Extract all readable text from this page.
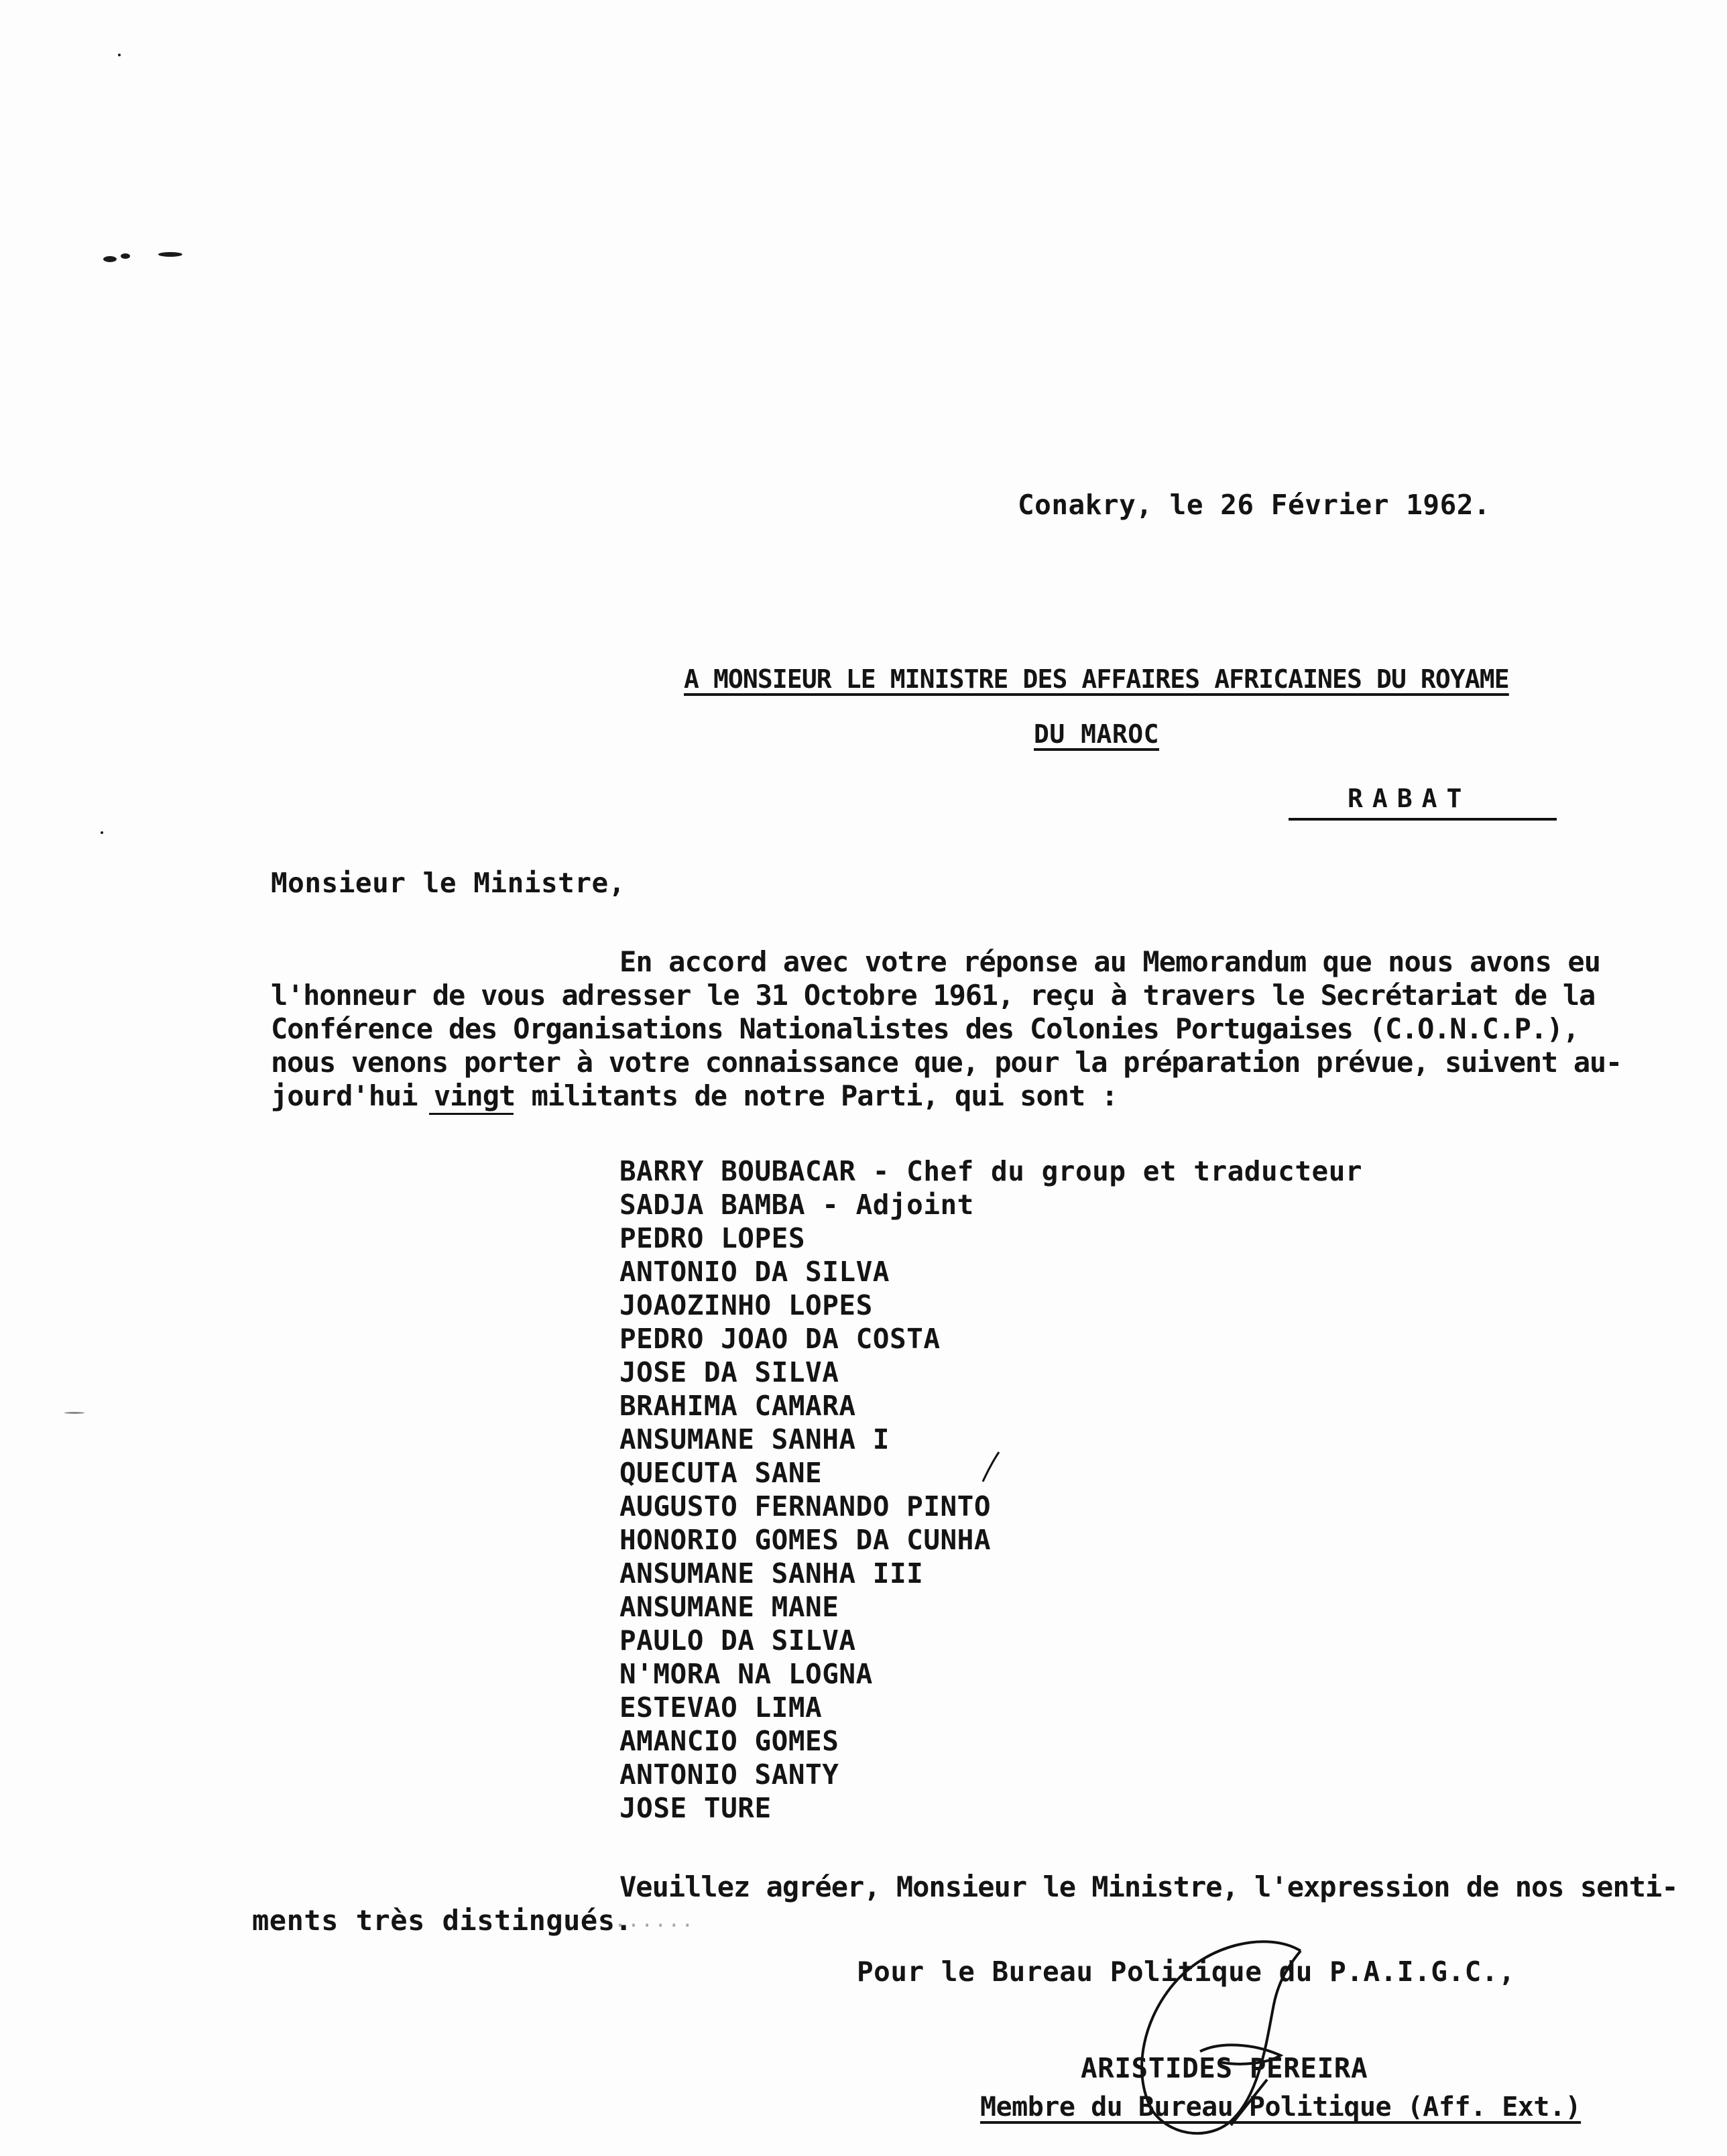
Conakry, le 26 Février 1962.
A MONSIEUR LE MINISTRE DES AFFAIRES AFRICAINES DU ROYAME
DU MAROC
RABAT
Monsieur le Ministre,
En accord avec votre réponse au Memorandum que nous avons eu
l'honneur de vous adresser le 31 Octobre 1961, reçu à travers le Secrétariat de la
Conférence des Organisations Nationalistes des Colonies Portugaises (C.O.N.C.P.),
nous venons porter à votre connaissance que, pour la préparation prévue, suivent au-
jourd'hui vingt militants de notre Parti, qui sont :
BARRY BOUBACAR - Chef du group et traducteur
SADJA BAMBA - Adjoint
PEDRO LOPES
ANTONIO DA SILVA
JOAOZINHO LOPES
PEDRO JOAO DA COSTA
JOSE DA SILVA
BRAHIMA CAMARA
ANSUMANE SANHA I
QUECUTA SANE
AUGUSTO FERNANDO PINTO
HONORIO GOMES DA CUNHA
ANSUMANE SANHA III
ANSUMANE MANE
PAULO DA SILVA
N'MORA NA LOGNA
ESTEVAO LIMA
AMANCIO GOMES
ANTONIO SANTY
JOSE TURE
Veuillez agréer, Monsieur le Ministre, l'expression de nos senti-
ments très distingués.
......
Pour le Bureau Politique du P.A.I.G.C.,
ARISTIDES PEREIRA
Membre du Bureau Politique (Aff. Ext.)
